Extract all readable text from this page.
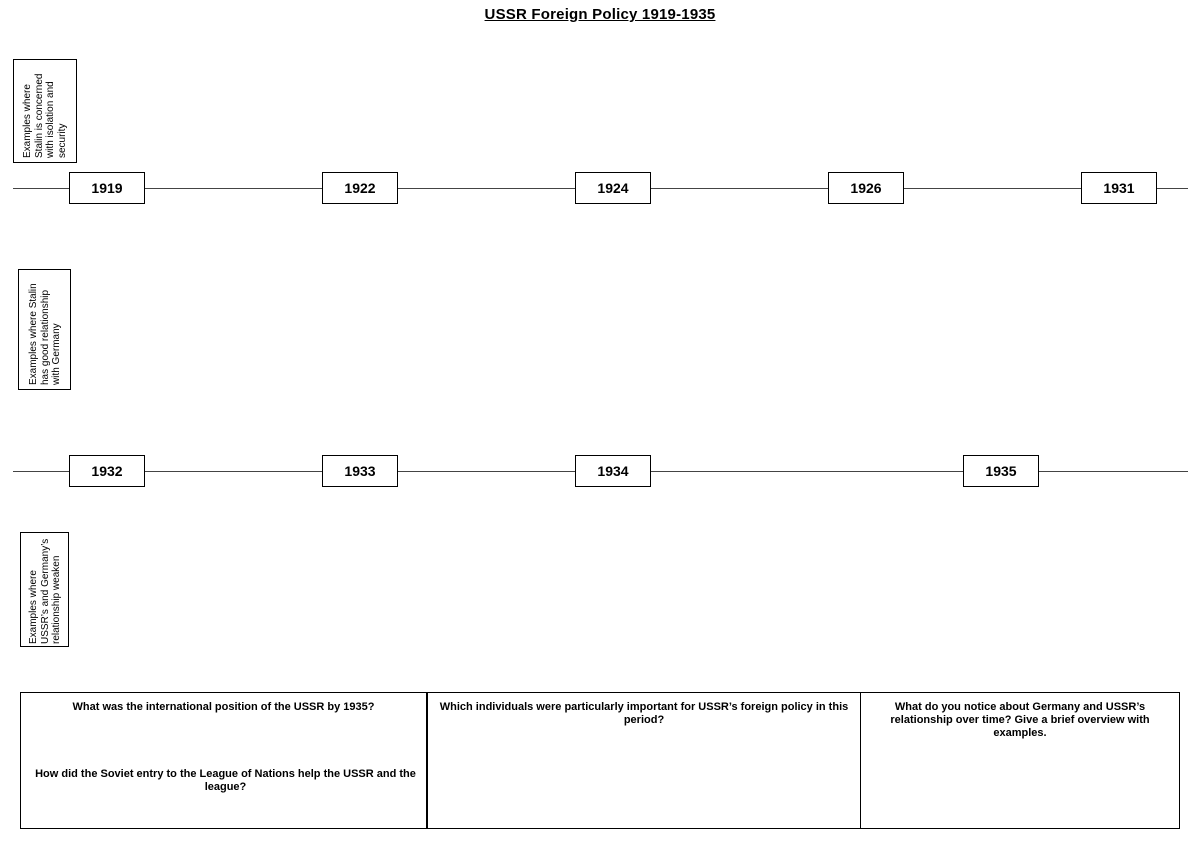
USSR Foreign Policy 1919-1935
Examples where Stalin is concerned with isolation and security
1919	1922	1924	1926	1931
Examples where Stalin has good relationship with Germany
1932	1933	1934	1935
Examples where USSR’s and Germany’s relationship weaken
What was the international position of the USSR by 1935?
How did the Soviet entry to the League of Nations help the USSR and the league?
Which individuals were particularly important for USSR’s foreign policy in this period?
What do you notice about Germany and USSR’s relationship over time? Give a brief overview with examples.
